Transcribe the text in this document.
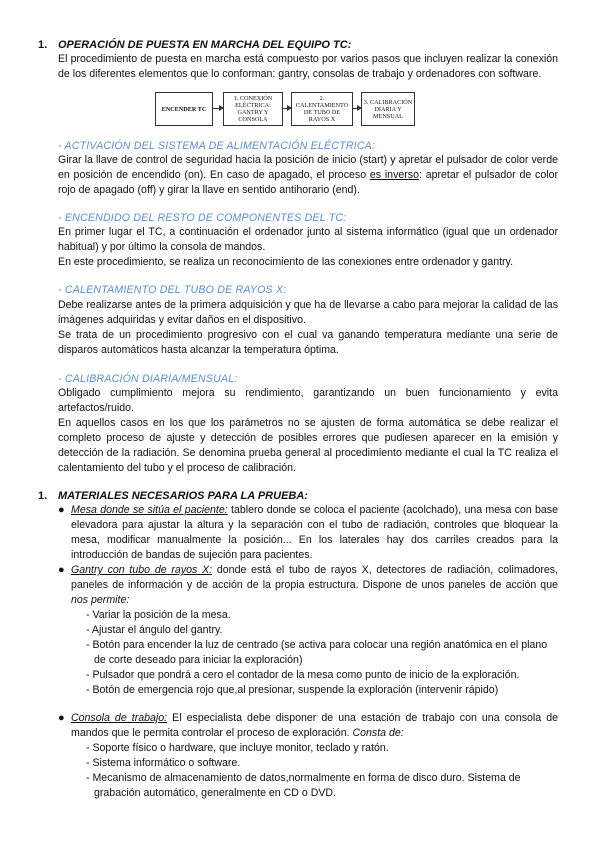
1. OPERACIÓN DE PUESTA EN MARCHA DEL EQUIPO TC:

El procedimiento de puesta en marcha está compuesto por varios pasos que incluyen realizar la conexión de los diferentes elementos que lo conforman: gantry, consolas de trabajo y ordenadores con software.

ENCENDER TC
1. CONEXIÓN ELÉCTRICA: GANTRY Y CONSOLA
2. CALENTAMIENTO DE TUBO DE RAYOS X
3. CALIBRACIÓN DIARIA Y MENSUAL
- ACTIVACIÓN DEL SISTEMA DE ALIMENTACIÓN ELÉCTRICA:

Girar la llave de control de seguridad hacia la posición de inicio (start) y apretar el pulsador de color verde en posición de encendido (on). En caso de apagado, el proceso es inverso: apretar el pulsador de color rojo de apagado (off) y girar la llave en sentido antihorario (end).

- ENCENDIDO DEL RESTO DE COMPONENTES DEL TC:

En primer lugar el TC, a continuación el ordenador junto al sistema informático (igual que un ordenador habitual) y por último la consola de mandos.

En este procedimiento, se realiza un reconocimiento de las conexiones entre ordenador y gantry.

- CALENTAMIENTO DEL TUBO DE RAYOS X:

Debe realizarse antes de la primera adquisición y que ha de llevarse a cabo para mejorar la calidad de las imágenes adquiridas y evitar daños en el dispositivo.

Se trata de un procedimiento progresivo con el cual va ganando temperatura mediante una serie de disparos automáticos hasta alcanzar la temperatura óptima.

- CALIBRACIÓN DIARIA/MENSUAL:

Obligado cumplimiento mejora su rendimiento, garantizando un buen funcionamiento y evita artefactos/ruido.

En aquellos casos en los que los parámetros no se ajusten de forma automática se debe realizar el completo proceso de ajuste y detección de posibles errores que pudiesen aparecer en la emisión y detección de la radiación. Se denomina prueba general al procedimiento mediante el cual la TC realiza el calentamiento del tubo y el proceso de calibración.

1. MATERIALES NECESARIOS PARA LA PRUEBA:
● Mesa donde se sitúa el paciente: tablero donde se coloca el paciente (acolchado), una mesa con base elevadora para ajustar la altura y la separación con el tubo de radiación, controles que bloquear la mesa, modificar manualmente la posición... En los laterales hay dos carriles creados para la introducción de bandas de sujeción para pacientes.
● Gantry con tubo de rayos X: donde está el tubo de rayos X, detectores de radiación, colimadores, paneles de información y de acción de la propia estructura. Dispone de unos paneles de acción que nos permite:
- Variar la posición de la mesa.
- Ajustar el ángulo del gantry.
- Botón para encender la luz de centrado (se activa para colocar una región anatómica en el plano de corte deseado para iniciar la exploración)
- Pulsador que pondrá a cero el contador de la mesa como punto de inicio de la exploración.
- Botón de emergencia rojo que,al presionar, suspende la exploración (intervenir rápido)
● Consola de trabajo: El especialista debe disponer de una estación de trabajo con una consola de mandos que le permita controlar el proceso de exploración. Consta de:
- Soporte físico o hardware, que incluye monitor, teclado y ratón.
- Sistema informático o software.
- Mecanismo de almacenamiento de datos,normalmente en forma de disco duro. Sistema de grabación automático, generalmente en CD o DVD.
